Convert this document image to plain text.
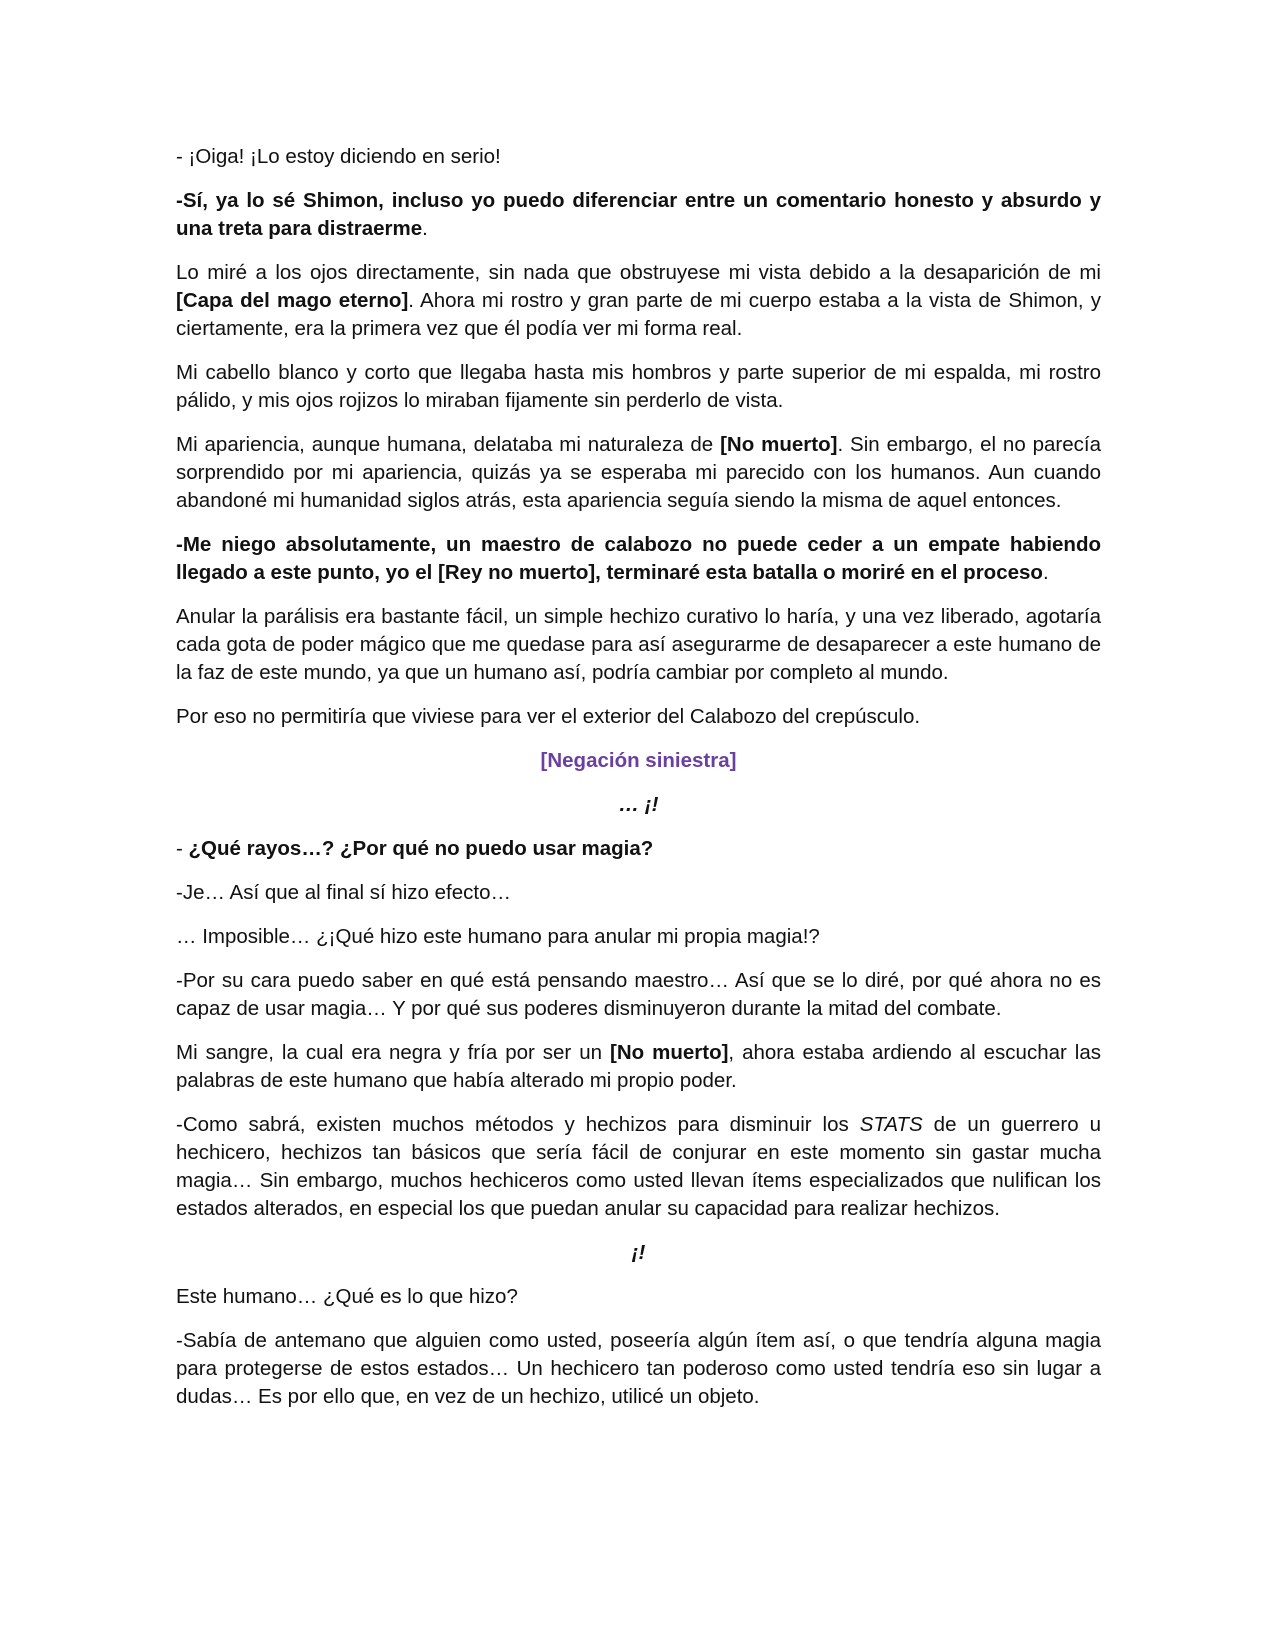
- ¡Oiga! ¡Lo estoy diciendo en serio!

-Sí, ya lo sé Shimon, incluso yo puedo diferenciar entre un comentario honesto y absurdo y una treta para distraerme.

Lo miré a los ojos directamente, sin nada que obstruyese mi vista debido a la desaparición de mi [Capa del mago eterno]. Ahora mi rostro y gran parte de mi cuerpo estaba a la vista de Shimon, y ciertamente, era la primera vez que él podía ver mi forma real.

Mi cabello blanco y corto que llegaba hasta mis hombros y parte superior de mi espalda, mi rostro pálido, y mis ojos rojizos lo miraban fijamente sin perderlo de vista.

Mi apariencia, aunque humana, delataba mi naturaleza de [No muerto]. Sin embargo, el no parecía sorprendido por mi apariencia, quizás ya se esperaba mi parecido con los humanos. Aun cuando abandoné mi humanidad siglos atrás, esta apariencia seguía siendo la misma de aquel entonces.

-Me niego absolutamente, un maestro de calabozo no puede ceder a un empate habiendo llegado a este punto, yo el [Rey no muerto], terminaré esta batalla o moriré en el proceso.

Anular la parálisis era bastante fácil, un simple hechizo curativo lo haría, y una vez liberado, agotaría cada gota de poder mágico que me quedase para así asegurarme de desaparecer a este humano de la faz de este mundo, ya que un humano así, podría cambiar por completo al mundo.

Por eso no permitiría que viviese para ver el exterior del Calabozo del crepúsculo.

[Negación siniestra]

… ¡!

- ¿Qué rayos…? ¿Por qué no puedo usar magia?

-Je… Así que al final sí hizo efecto…

… Imposible… ¿¡Qué hizo este humano para anular mi propia magia!?

-Por su cara puedo saber en qué está pensando maestro… Así que se lo diré, por qué ahora no es capaz de usar magia… Y por qué sus poderes disminuyeron durante la mitad del combate.

Mi sangre, la cual era negra y fría por ser un [No muerto], ahora estaba ardiendo al escuchar las palabras de este humano que había alterado mi propio poder.

-Como sabrá, existen muchos métodos y hechizos para disminuir los STATS de un guerrero u hechicero, hechizos tan básicos que sería fácil de conjurar en este momento sin gastar mucha magia… Sin embargo, muchos hechiceros como usted llevan ítems especializados que nulifican los estados alterados, en especial los que puedan anular su capacidad para realizar hechizos.

¡!

Este humano… ¿Qué es lo que hizo?

-Sabía de antemano que alguien como usted, poseería algún ítem así, o que tendría alguna magia para protegerse de estos estados… Un hechicero tan poderoso como usted tendría eso sin lugar a dudas… Es por ello que, en vez de un hechizo, utilicé un objeto.
